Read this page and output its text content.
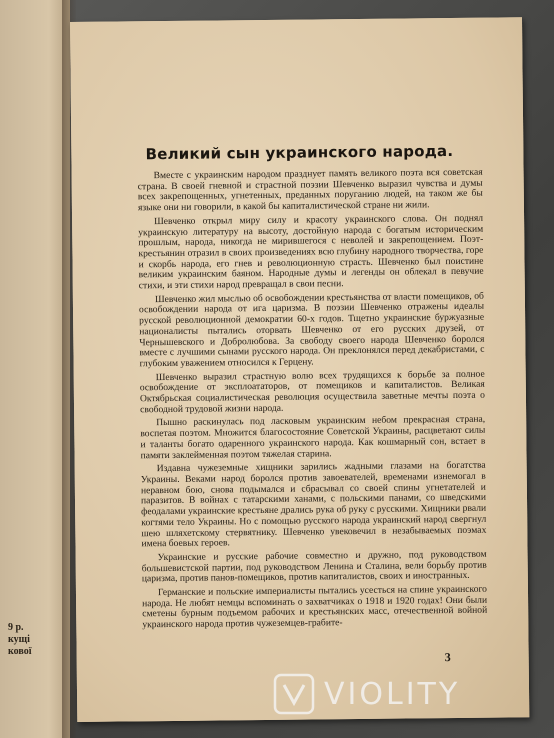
9 р.
кущі
кової
Великий сын украинского народа.

Вместе с украинским народом празднует память великого поэта вся советская страна. В своей гневной и страстной поэзии Шевченко выразил чувства и думы всех закрепощенных, угнетенных, преданных поруганию людей, на таком же бы языке они ни говорили, в какой бы капиталистической стране ни жили.

Шевченко открыл миру силу и красоту украинского слова. Он поднял украинскую литературу на высоту, достойную народа с богатым историческим прошлым, народа, никогда не мирившегося с неволей и закрепощением. Поэт-крестьянин отразил в своих произведениях всю глубину народного творчества, горе и скорбь народа, его гнев и революционную страсть. Шевченко был поистине великим украинским баяном. Народные думы и легенды он облекал в певучие стихи, и эти стихи народ превращал в свои песни.

Шевченко жил мыслью об освобождении крестьянства от власти помещиков, об освобождении народа от ига царизма. В поэзии Шевченко отражены идеалы русской революционной демократии 60-х годов. Тщетно украинские буржуазные националисты пытались оторвать Шевченко от его русских друзей, от Чернышевского и Добролюбова. За свободу своего народа Шевченко боролся вместе с лучшими сынами русского народа. Он преклонялся перед декабристами, с глубоким уважением относился к Герцену.

Шевченко выразил страстную волю всех трудящихся к борьбе за полное освобождение от эксплоататоров, от помещиков и капиталистов. Великая Октябрьская социалистическая революция осуществила заветные мечты поэта о свободной трудовой жизни народа.

Пышно раскинулась под ласковым украинским небом прекрасная страна, воспетая поэтом. Множится благосостояние Советской Украины, расцветают силы и таланты богато одаренного украинского народа. Как кошмарный сон, встает в памяти заклейменная поэтом тяжелая старина.

Издавна чужеземные хищники зарились жадными глазами на богатства Украины. Веками народ боролся против завоевателей, временами изнемогал в неравном бою, снова подымался и сбрасывал со своей спины угнетателей и паразитов. В войнах с татарскими ханами, с польскими панами, со шведскими феодалами украинские крестьяне дрались рука об руку с русскими. Хищники рвали когтями тело Украины. Но с помощью русского народа украинский народ свергнул шею шляхетскому стервятнику. Шевченко увековечил в незабываемых поэмах имена боевых героев.

Украинские и русские рабочие совместно и дружно, под руководством большевистской партии, под руководством Ленина и Сталина, вели борьбу против царизма, против панов-помещиков, против капиталистов, своих и иностранных.

Германские и польские империалисты пытались усесться на спине украинского народа. Не любят немцы вспоминать о захватчиках о 1918 и 1920 годах! Они были сметены бурным подъемом рабочих и крестьянских масс, отечественной войной украинского народа против чужеземцев-грабите-

3
VIOLITY
